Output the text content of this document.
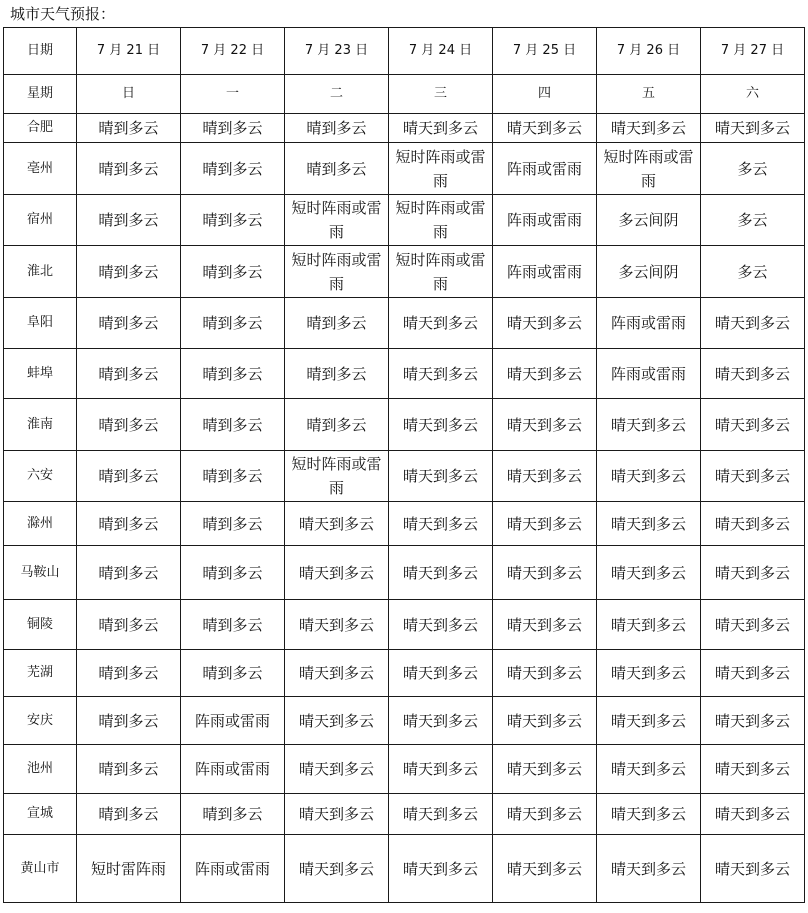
城市天气预报：
日期	7 月 21 日	7 月 22 日	7 月 23 日	7 月 24 日	7 月 25 日	7 月 26 日	7 月 27 日
星期	日	一	二	三	四	五	六
合肥	晴到多云	晴到多云	晴到多云	晴天到多云	晴天到多云	晴天到多云	晴天到多云
亳州	晴到多云	晴到多云	晴到多云	短时阵雨或雷雨	阵雨或雷雨	短时阵雨或雷雨	多云
宿州	晴到多云	晴到多云	短时阵雨或雷雨	短时阵雨或雷雨	阵雨或雷雨	多云间阴	多云
淮北	晴到多云	晴到多云	短时阵雨或雷雨	短时阵雨或雷雨	阵雨或雷雨	多云间阴	多云
阜阳	晴到多云	晴到多云	晴到多云	晴天到多云	晴天到多云	阵雨或雷雨	晴天到多云
蚌埠	晴到多云	晴到多云	晴到多云	晴天到多云	晴天到多云	阵雨或雷雨	晴天到多云
淮南	晴到多云	晴到多云	晴到多云	晴天到多云	晴天到多云	晴天到多云	晴天到多云
六安	晴到多云	晴到多云	短时阵雨或雷雨	晴天到多云	晴天到多云	晴天到多云	晴天到多云
滁州	晴到多云	晴到多云	晴天到多云	晴天到多云	晴天到多云	晴天到多云	晴天到多云
马鞍山	晴到多云	晴到多云	晴天到多云	晴天到多云	晴天到多云	晴天到多云	晴天到多云
铜陵	晴到多云	晴到多云	晴天到多云	晴天到多云	晴天到多云	晴天到多云	晴天到多云
芜湖	晴到多云	晴到多云	晴天到多云	晴天到多云	晴天到多云	晴天到多云	晴天到多云
安庆	晴到多云	阵雨或雷雨	晴天到多云	晴天到多云	晴天到多云	晴天到多云	晴天到多云
池州	晴到多云	阵雨或雷雨	晴天到多云	晴天到多云	晴天到多云	晴天到多云	晴天到多云
宣城	晴到多云	晴到多云	晴天到多云	晴天到多云	晴天到多云	晴天到多云	晴天到多云
黄山市	短时雷阵雨	阵雨或雷雨	晴天到多云	晴天到多云	晴天到多云	晴天到多云	晴天到多云
